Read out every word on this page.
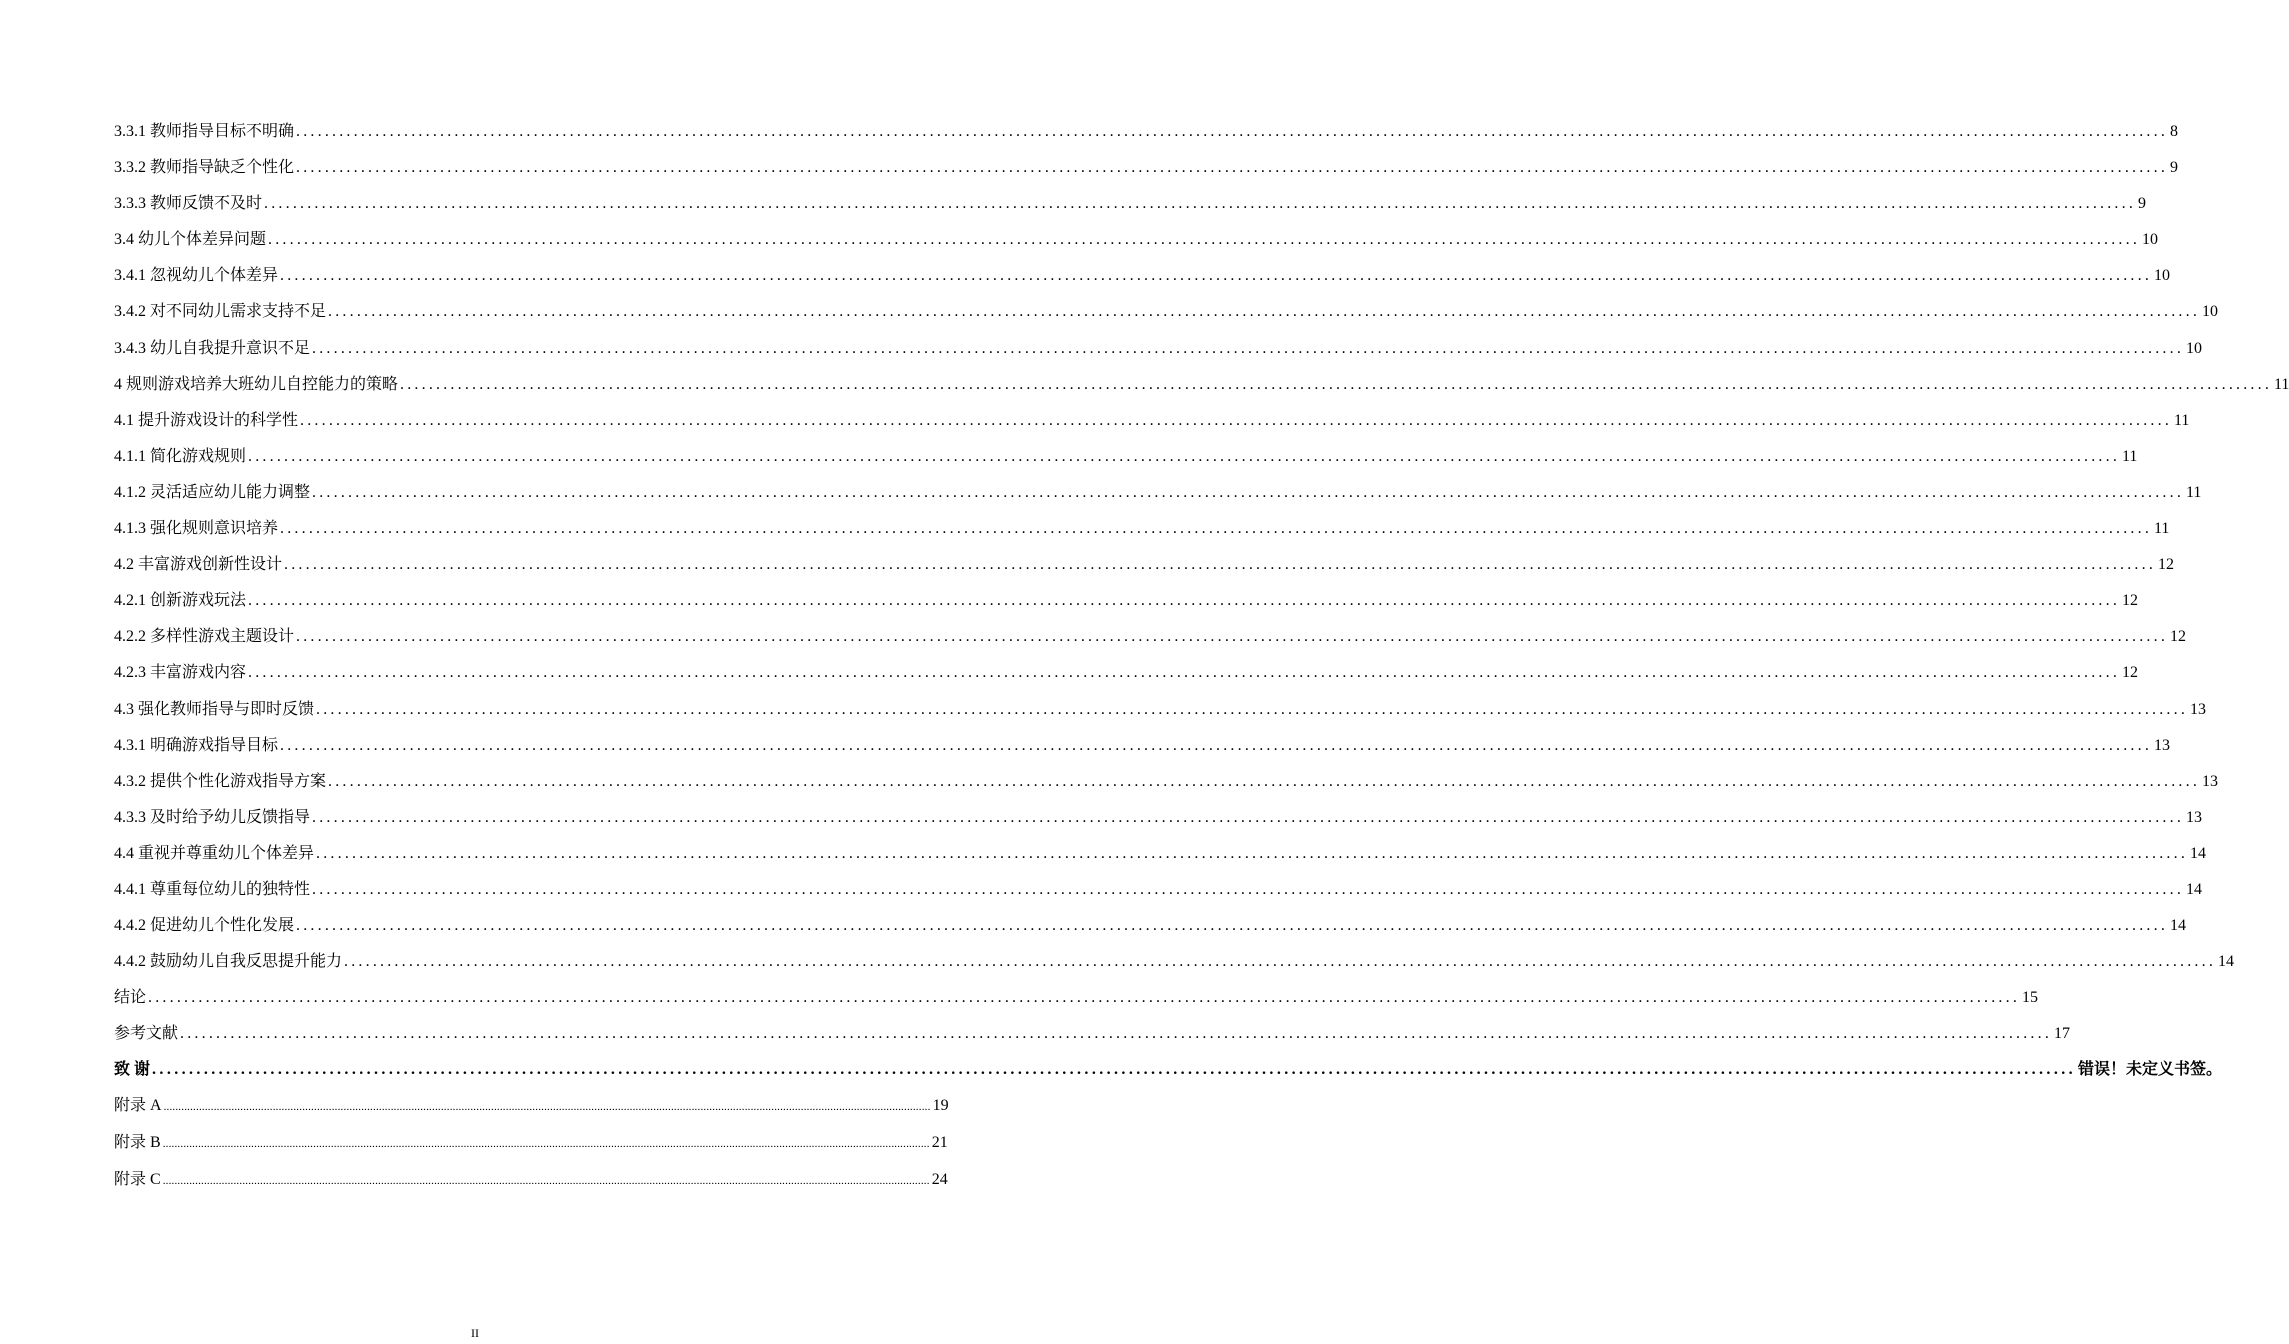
3.3.1 教师指导目标不明确 .................................................................................................................................................................................................................................................................... 8
3.3.2 教师指导缺乏个性化 .................................................................................................................................................................................................................................................................... 9
3.3.3 教师反馈不及时 .................................................................................................................................................................................................................................................................... 9
3.4 幼儿个体差异问题 .................................................................................................................................................................................................................................................................... 10
3.4.1 忽视幼儿个体差异 .................................................................................................................................................................................................................................................................... 10
3.4.2 对不同幼儿需求支持不足 .................................................................................................................................................................................................................................................................... 10
3.4.3 幼儿自我提升意识不足 .................................................................................................................................................................................................................................................................... 10
4 规则游戏培养大班幼儿自控能力的策略 .................................................................................................................................................................................................................................................................... 11
4.1 提升游戏设计的科学性 .................................................................................................................................................................................................................................................................... 11
4.1.1 简化游戏规则 .................................................................................................................................................................................................................................................................... 11
4.1.2 灵活适应幼儿能力调整 .................................................................................................................................................................................................................................................................... 11
4.1.3 强化规则意识培养 .................................................................................................................................................................................................................................................................... 11
4.2 丰富游戏创新性设计 .................................................................................................................................................................................................................................................................... 12
4.2.1 创新游戏玩法 .................................................................................................................................................................................................................................................................... 12
4.2.2 多样性游戏主题设计 .................................................................................................................................................................................................................................................................... 12
4.2.3 丰富游戏内容 .................................................................................................................................................................................................................................................................... 12
4.3 强化教师指导与即时反馈 .................................................................................................................................................................................................................................................................... 13
4.3.1 明确游戏指导目标 .................................................................................................................................................................................................................................................................... 13
4.3.2 提供个性化游戏指导方案 .................................................................................................................................................................................................................................................................... 13
4.3.3 及时给予幼儿反馈指导 .................................................................................................................................................................................................................................................................... 13
4.4 重视并尊重幼儿个体差异 .................................................................................................................................................................................................................................................................... 14
4.4.1 尊重每位幼儿的独特性 .................................................................................................................................................................................................................................................................... 14
4.4.2 促进幼儿个性化发展 .................................................................................................................................................................................................................................................................... 14
4.4.2 鼓励幼儿自我反思提升能力 .................................................................................................................................................................................................................................................................... 14
结论 .................................................................................................................................................................................................................................................................... 15
参考文献 .................................................................................................................................................................................................................................................................... 17
致 谢 .................................................................................................................................................................................................................................................................... 错误！未定义书签。
附录 A .................................................................................................................................................................................................................................................................... 19
附录 B .................................................................................................................................................................................................................................................................... 21
附录 C .................................................................................................................................................................................................................................................................... 24
II
